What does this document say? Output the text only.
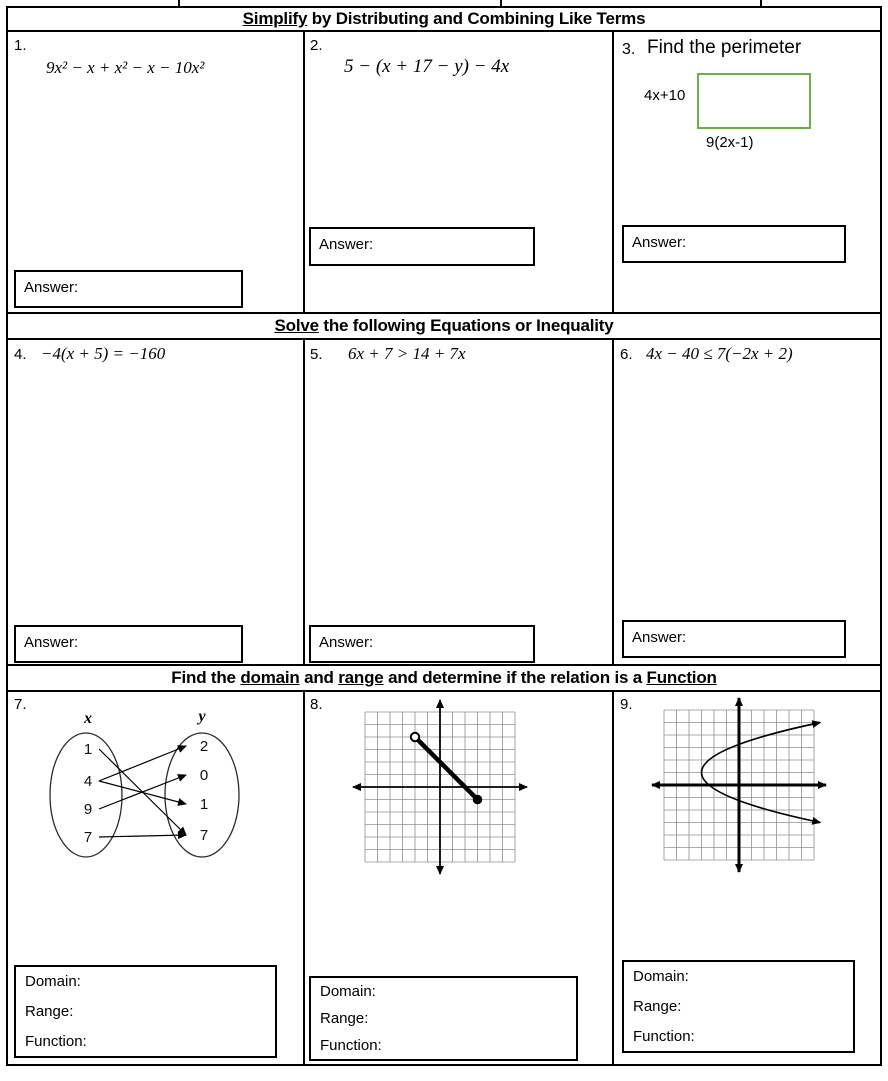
Simplify by Distributing and Combining Like Terms
1.
9x² − x + x² − x − 10x²
Answer:
2.
5 − (x + 17 − y) − 4x
Answer:
3. Find the perimeter
4x+10
9(2x-1)
Answer:
Solve the following Equations or Inequality
4. −4(x + 5) = −160
Answer:
5. 6x + 7 > 14 + 7x
Answer:
6. 4x − 40 ≤ 7(−2x + 2)
Answer:
Find the domain and range and determine if the relation is a Function
7.
x	y
1
4
9
7
2
0
1
7
Domain:
Range:
Function:
8.
Domain:
Range:
Function:
9.
Domain:
Range:
Function:
